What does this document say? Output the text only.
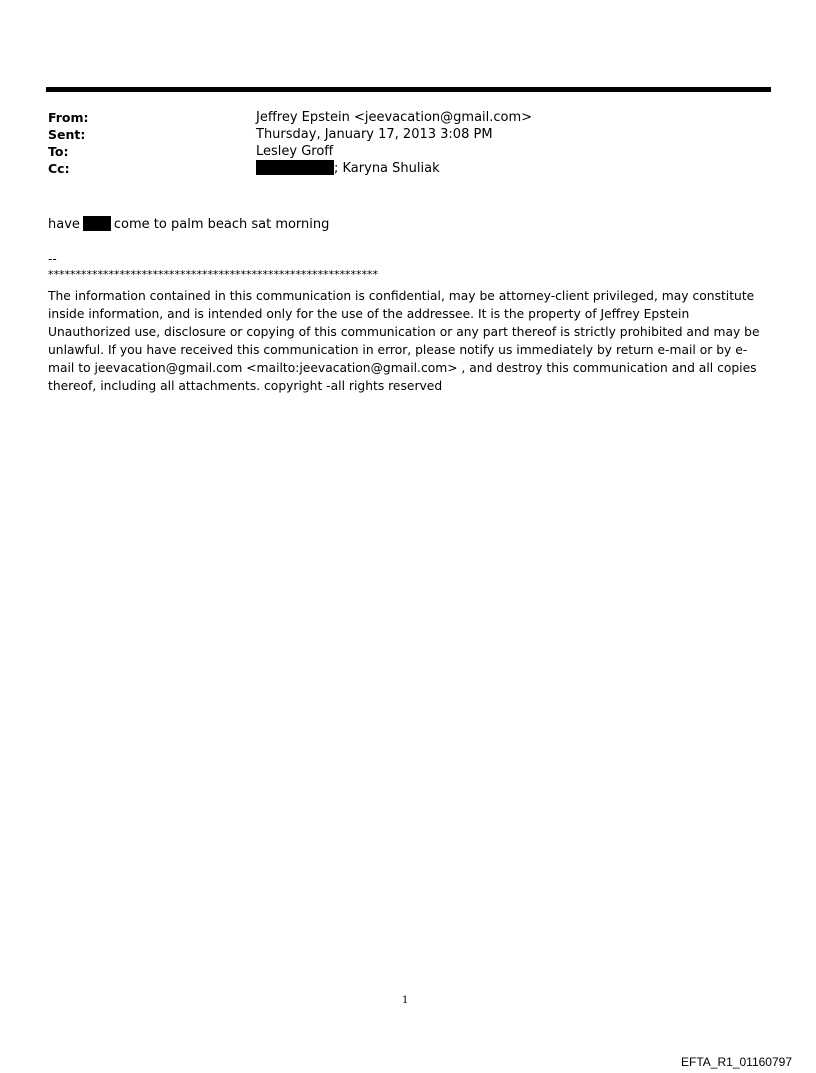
From:	Jeffrey Epstein <jeevacation@gmail.com>
Sent:	Thursday, January 17, 2013 3:08 PM
To:	Lesley Groff
Cc:	; Karyna Shuliak
have	come to palm beach sat morning
--
************************************************************
The information contained in this communication is confidential, may be attorney-client privileged, may constitute inside information, and is intended only for the use of the addressee. It is the property of Jeffrey Epstein Unauthorized use, disclosure or copying of this communication or any part thereof is strictly prohibited and may be unlawful. If you have received this communication in error, please notify us immediately by return e-mail or by e-mail to jeevacation@gmail.com <mailto:jeevacation@gmail.com> , and destroy this communication and all copies thereof, including all attachments. copyright -all rights reserved
1
EFTA_R1_01160797
